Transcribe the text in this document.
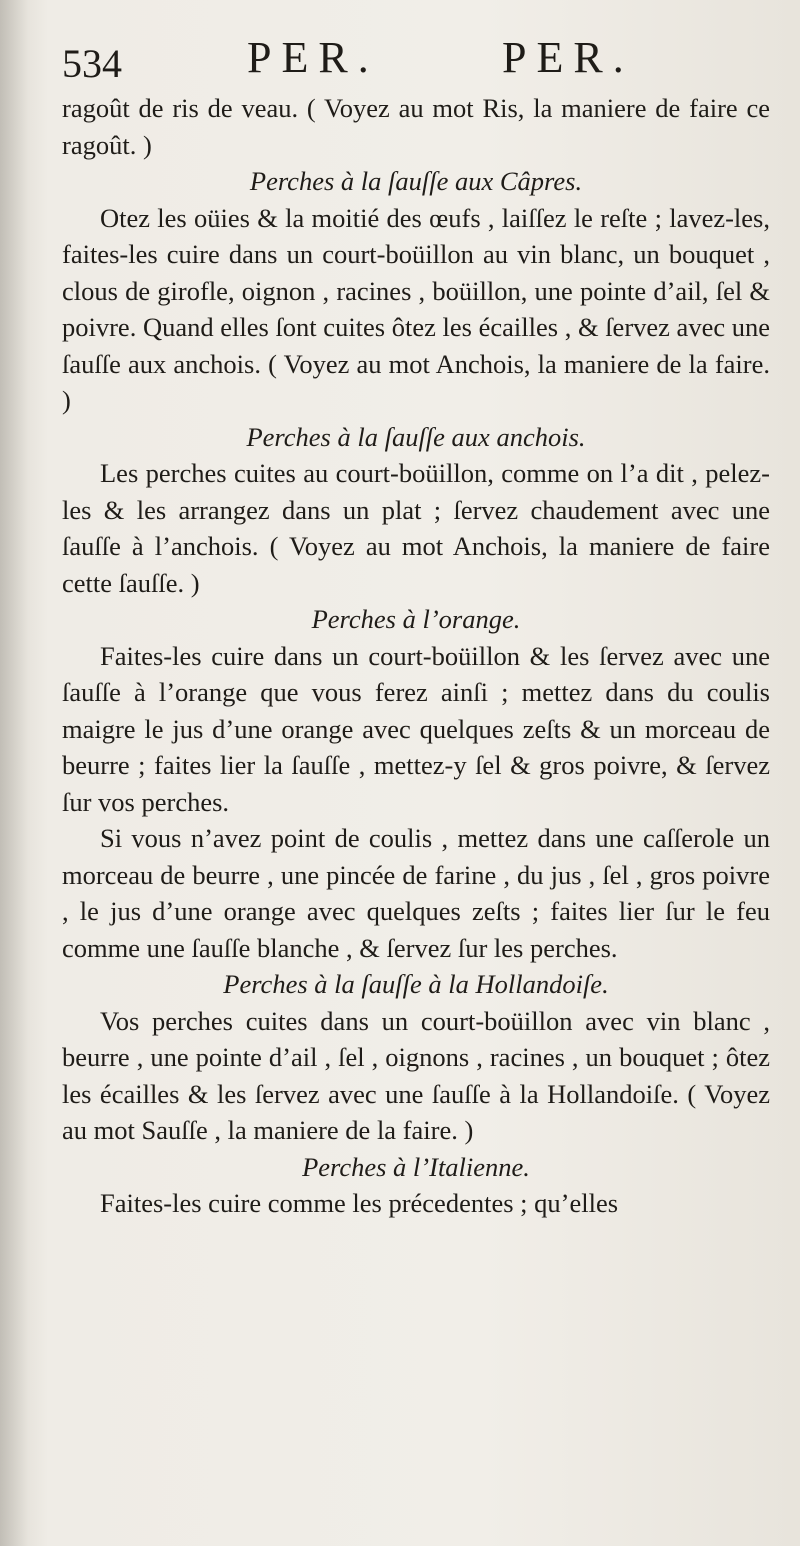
534	PER.	PER.

ragoût de ris de veau. ( Voyez au mot Ris, la maniere de faire ce ragoût. )

Perches à la ſauſſe aux Câpres.

Otez les oüies & la moitié des œufs , laiſſez le reſte ; lavez-les, faites-les cuire dans un court-boüillon au vin blanc, un bouquet , clous de girofle, oignon , racines , boüillon, une pointe d’ail, ſel & poivre. Quand elles ſont cuites ôtez les écailles , & ſervez avec une ſauſſe aux anchois. ( Voyez au mot Anchois, la maniere de la faire. )

Perches à la ſauſſe aux anchois.

Les perches cuites au court-boüillon, comme on l’a dit , pelez-les & les arrangez dans un plat ; ſervez chaudement avec une ſauſſe à l’anchois. ( Voyez au mot Anchois, la maniere de faire cette ſauſſe. )

Perches à l’orange.

Faites-les cuire dans un court-boüillon & les ſervez avec une ſauſſe à l’orange que vous ferez ainſi ; mettez dans du coulis maigre le jus d’une orange avec quelques zeſts & un morceau de beurre ; faites lier la ſauſſe , mettez-y ſel & gros poivre, & ſervez ſur vos perches.

Si vous n’avez point de coulis , mettez dans une caſſerole un morceau de beurre , une pincée de farine , du jus , ſel , gros poivre , le jus d’une orange avec quelques zeſts ; faites lier ſur le feu comme une ſauſſe blanche , & ſervez ſur les perches.

Perches à la ſauſſe à la Hollandoiſe.

Vos perches cuites dans un court-boüillon avec vin blanc , beurre , une pointe d’ail , ſel , oignons , racines , un bouquet ; ôtez les écailles & les ſervez avec une ſauſſe à la Hollandoiſe. ( Voyez au mot Sauſſe , la maniere de la faire. )

Perches à l’Italienne.

Faites-les cuire comme les précedentes ; qu’elles
